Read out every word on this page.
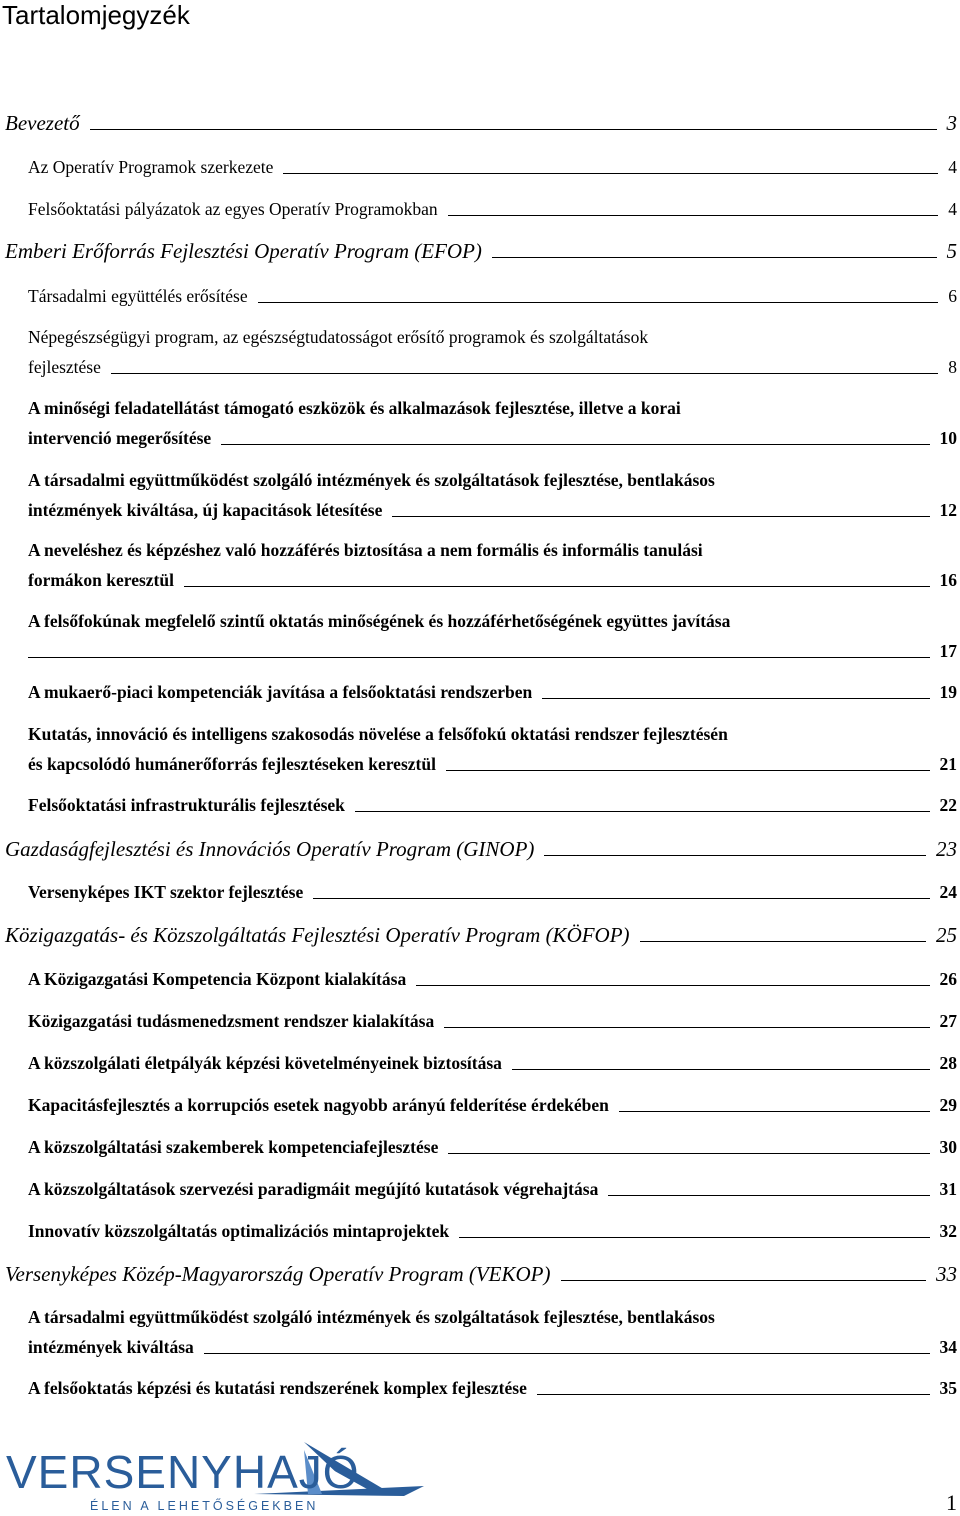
Tartalomjegyzék
Bevezető	3
Az Operatív Programok szerkezete	4
Felsőoktatási pályázatok az egyes Operatív Programokban	4
Emberi Erőforrás Fejlesztési Operatív Program (EFOP)	5
Társadalmi együttélés erősítése	6
Népegészségügyi program, az egészségtudatosságot erősítő programok és szolgáltatások
fejlesztése	8
A minőségi feladatellátást támogató eszközök és alkalmazások fejlesztése, illetve a korai
intervenció megerősítése	10
A társadalmi együttműködést szolgáló intézmények és szolgáltatások fejlesztése, bentlakásos
intézmények kiváltása, új kapacitások létesítése	12
A neveléshez és képzéshez való hozzáférés biztosítása a nem formális és informális tanulási
formákon keresztül	16
A felsőfokúnak megfelelő szintű oktatás minőségének és hozzáférhetőségének együttes javítása
17
A mukaerő-piaci kompetenciák javítása a felsőoktatási rendszerben	19
Kutatás, innováció és intelligens szakosodás növelése a felsőfokú oktatási rendszer fejlesztésén
és kapcsolódó humánerőforrás fejlesztéseken keresztül	21
Felsőoktatási infrastrukturális fejlesztések	22
Gazdaságfejlesztési és Innovációs Operatív Program (GINOP)	23
Versenyképes IKT szektor fejlesztése	24
Közigazgatás- és Közszolgáltatás Fejlesztési Operatív Program (KÖFOP)	25
A Közigazgatási Kompetencia Központ kialakítása	26
Közigazgatási tudásmenedzsment rendszer kialakítása	27
A közszolgálati életpályák képzési követelményeinek biztosítása	28
Kapacitásfejlesztés a korrupciós esetek nagyobb arányú felderítése érdekében	29
A közszolgáltatási szakemberek kompetenciafejlesztése	30
A közszolgáltatások szervezési paradigmáit megújító kutatások végrehajtása	31
Innovatív közszolgáltatás optimalizációs mintaprojektek	32
Versenyképes Közép-Magyarország Operatív Program (VEKOP)	33
A társadalmi együttműködést szolgáló intézmények és szolgáltatások fejlesztése, bentlakásos
intézmények kiváltása	34
A felsőoktatás képzési és kutatási rendszerének komplex fejlesztése	35
VERSENYHAJÓ
ÉLEN A LEHETŐSÉGEKBEN	1
